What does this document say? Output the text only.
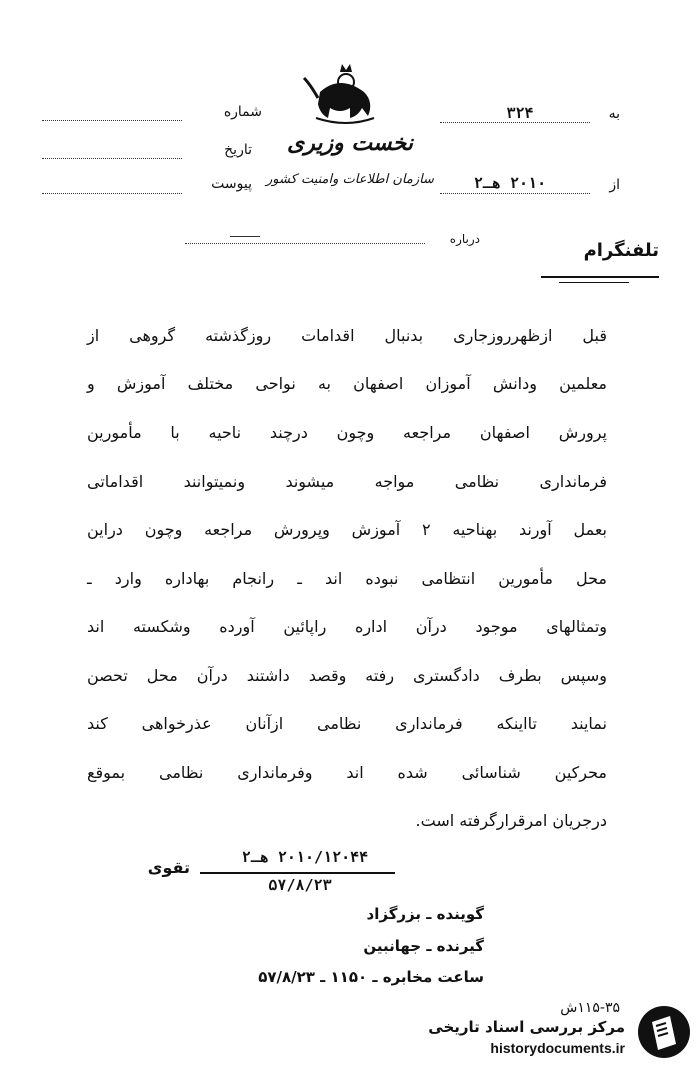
شماره
تاریخ
پیوست
نخست وزیری
سازمان اطلاعات وامنیت کشور
۳۲۴	به
۲۰۱۰ هـ۲	از
درباره
تلفنگرام
قبل ازظهرروزجاری بدنبال اقدامات روزگذشته گروهی از
معلمین ودانش آموزان اصفهان به نواحی مختلف آموزش و
پرورش اصفهان مراجعه وچون درچند ناحیه با مأمورین
فرمانداری نظامی مواجه میشوند ونمیتوانند اقداماتی
بعمل آورند بهناحیه ۲ آموزش وپرورش مراجعه وچون دراین
محل مأمورین انتظامی نبوده اند ـ رانجام بهاداره وارد ـ
وتمثالهای موجود درآن اداره راپائین آورده وشکسته اند
وسپس بطرف دادگستری رفته وقصد داشتند درآن محل تحصن
نمایند تااینکه فرمانداری نظامی ازآنان عذرخواهی کند
محرکین شناسائی شده اند وفرمانداری نظامی بموقع
درجریان امرقرارگرفته است.
۲۰۱۰/۱۲۰۴۴ هـ۲
۵۷/۸/۲۳
تقوی
گوینده ـ بزرگزاد
گیرنده ـ جهانبین
ساعت مخابره ـ ۱۱۵۰ ـ ۵۷/۸/۲۳
۱۱۵-۳۵ش
مرکز بررسی اسناد تاریخی
historydocuments.ir
